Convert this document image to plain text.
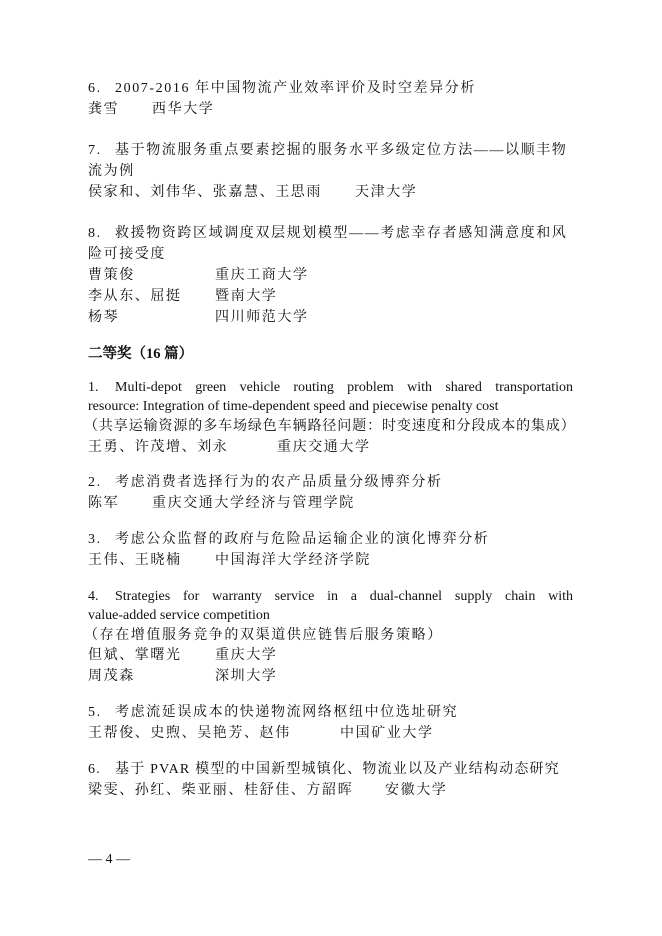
6. 2007-2016 年中国物流产业效率评价及时空差异分析
龚雪 西华大学
7. 基于物流服务重点要素挖掘的服务水平多级定位方法——以顺丰物
流为例
侯家和、刘伟华、张嘉慧、王思雨 天津大学
8. 救援物资跨区域调度双层规划模型——考虑幸存者感知满意度和风
险可接受度
曹策俊	重庆工商大学
李从东、屈挺 暨南大学
杨琴	四川师范大学
二等奖（16 篇）
1. Multi-depot green vehicle routing problem with shared transportation
resource: Integration of time-dependent speed and piecewise penalty cost
（共享运输资源的多车场绿色车辆路径问题：时变速度和分段成本的集成）
王勇、许茂增、刘永	重庆交通大学
2. 考虑消费者选择行为的农产品质量分级博弈分析
陈军 重庆交通大学经济与管理学院
3. 考虑公众监督的政府与危险品运输企业的演化博弈分析
王伟、王晓楠 中国海洋大学经济学院
4. Strategies for warranty service in a dual-channel supply chain with
value-added service competition
（存在增值服务竞争的双渠道供应链售后服务策略）
但斌、掌曙光 重庆大学
周茂森	深圳大学
5. 考虑流延误成本的快递物流网络枢纽中位选址研究
王帮俊、史煦、吴艳芳、赵伟	中国矿业大学
6. 基于 PVAR 模型的中国新型城镇化、物流业以及产业结构动态研究
梁雯、孙红、柴亚丽、桂舒佳、方韶晖 安徽大学
— 4 —
